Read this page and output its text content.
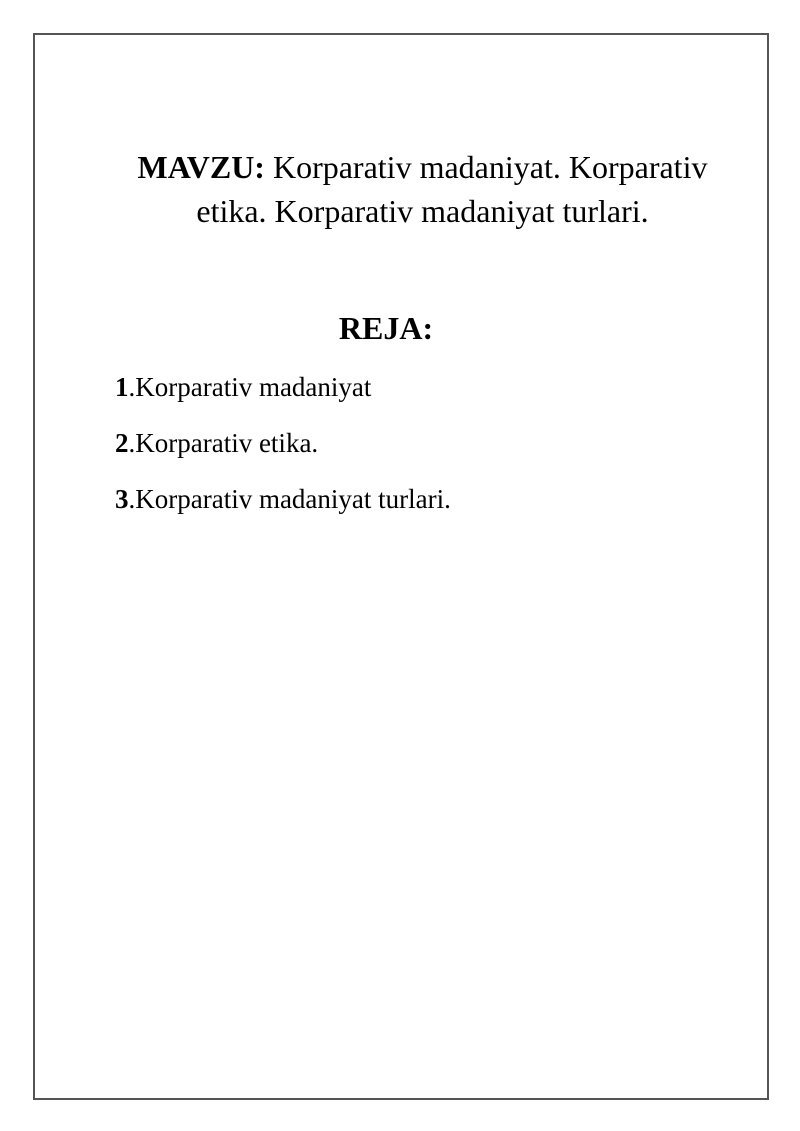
MAVZU: Korparativ madaniyat. Korparativ etika. Korparativ madaniyat turlari.
REJA:
1.Korparativ madaniyat
2.Korparativ etika.
3.Korparativ madaniyat turlari.
